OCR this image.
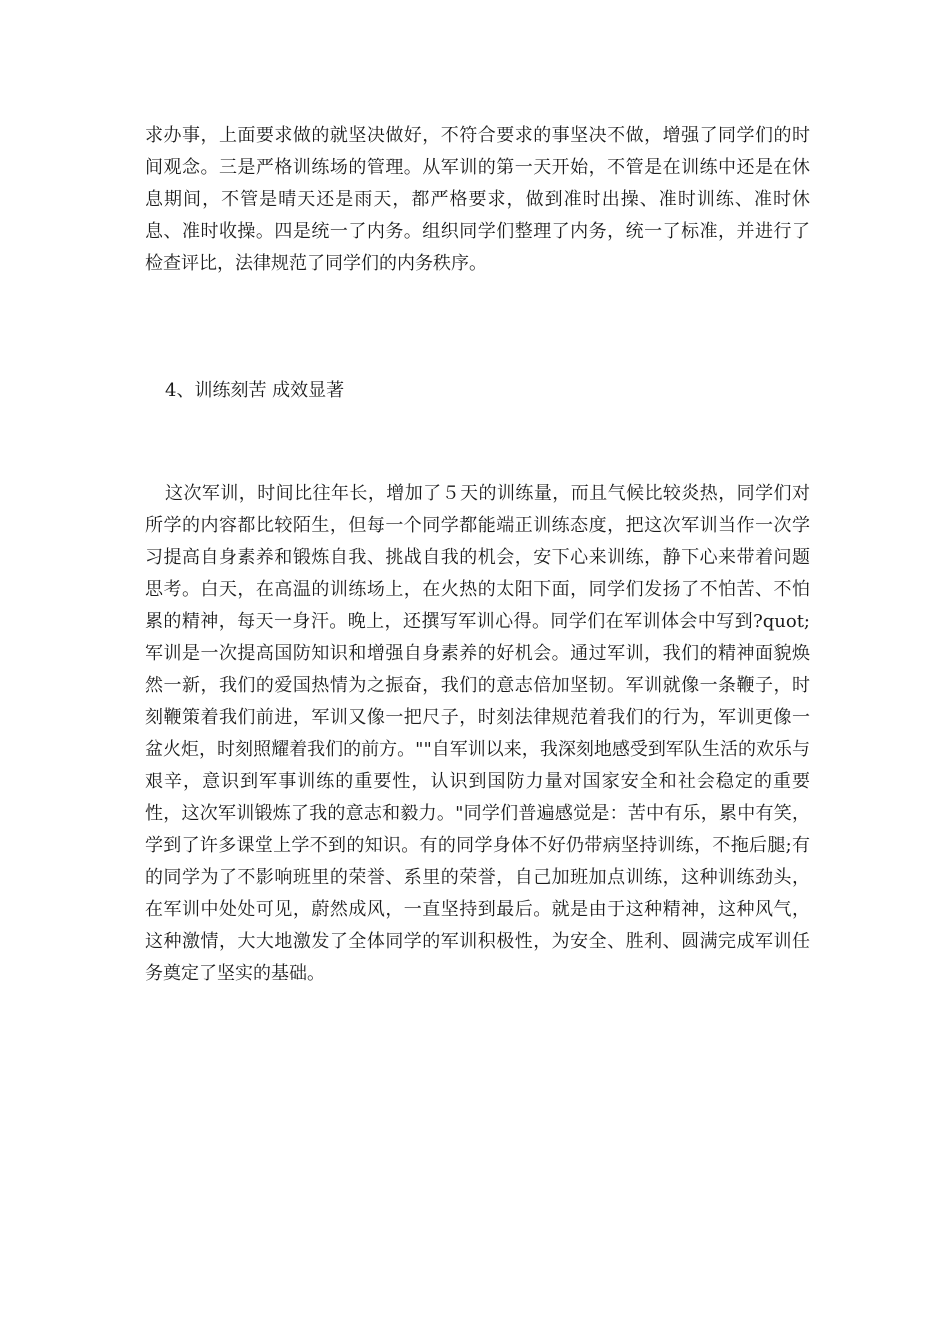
求办事，上面要求做的就坚决做好，不符合要求的事坚决不做，增强了同学们的时间观念。三是严格训练场的管理。从军训的第一天开始，不管是在训练中还是在休息期间，不管是晴天还是雨天，都严格要求，做到准时出操、准时训练、准时休息、准时收操。四是统一了内务。组织同学们整理了内务，统一了标准，并进行了检查评比，法律规范了同学们的内务秩序。

4、训练刻苦 成效显著

这次军训，时间比往年长，增加了５天的训练量，而且气候比较炎热，同学们对所学的内容都比较陌生，但每一个同学都能端正训练态度，把这次军训当作一次学习提高自身素养和锻炼自我、挑战自我的机会，安下心来训练，静下心来带着问题思考。白天，在高温的训练场上，在火热的太阳下面，同学们发扬了不怕苦、不怕累的精神，每天一身汗。晚上，还撰写军训心得。同学们在军训体会中写到?quot;军训是一次提高国防知识和增强自身素养的好机会。通过军训，我们的精神面貌焕然一新，我们的爱国热情为之振奋，我们的意志倍加坚韧。军训就像一条鞭子，时刻鞭策着我们前进，军训又像一把尺子，时刻法律规范着我们的行为，军训更像一盆火炬，时刻照耀着我们的前方。""自军训以来，我深刻地感受到军队生活的欢乐与艰辛，意识到军事训练的重要性，认识到国防力量对国家安全和社会稳定的重要性，这次军训锻炼了我的意志和毅力。"同学们普遍感觉是：苦中有乐，累中有笑，学到了许多课堂上学不到的知识。有的同学身体不好仍带病坚持训练，不拖后腿;有的同学为了不影响班里的荣誉、系里的荣誉，自己加班加点训练，这种训练劲头，在军训中处处可见，蔚然成风，一直坚持到最后。就是由于这种精神，这种风气，这种激情，大大地激发了全体同学的军训积极性，为安全、胜利、圆满完成军训任务奠定了坚实的基础。
